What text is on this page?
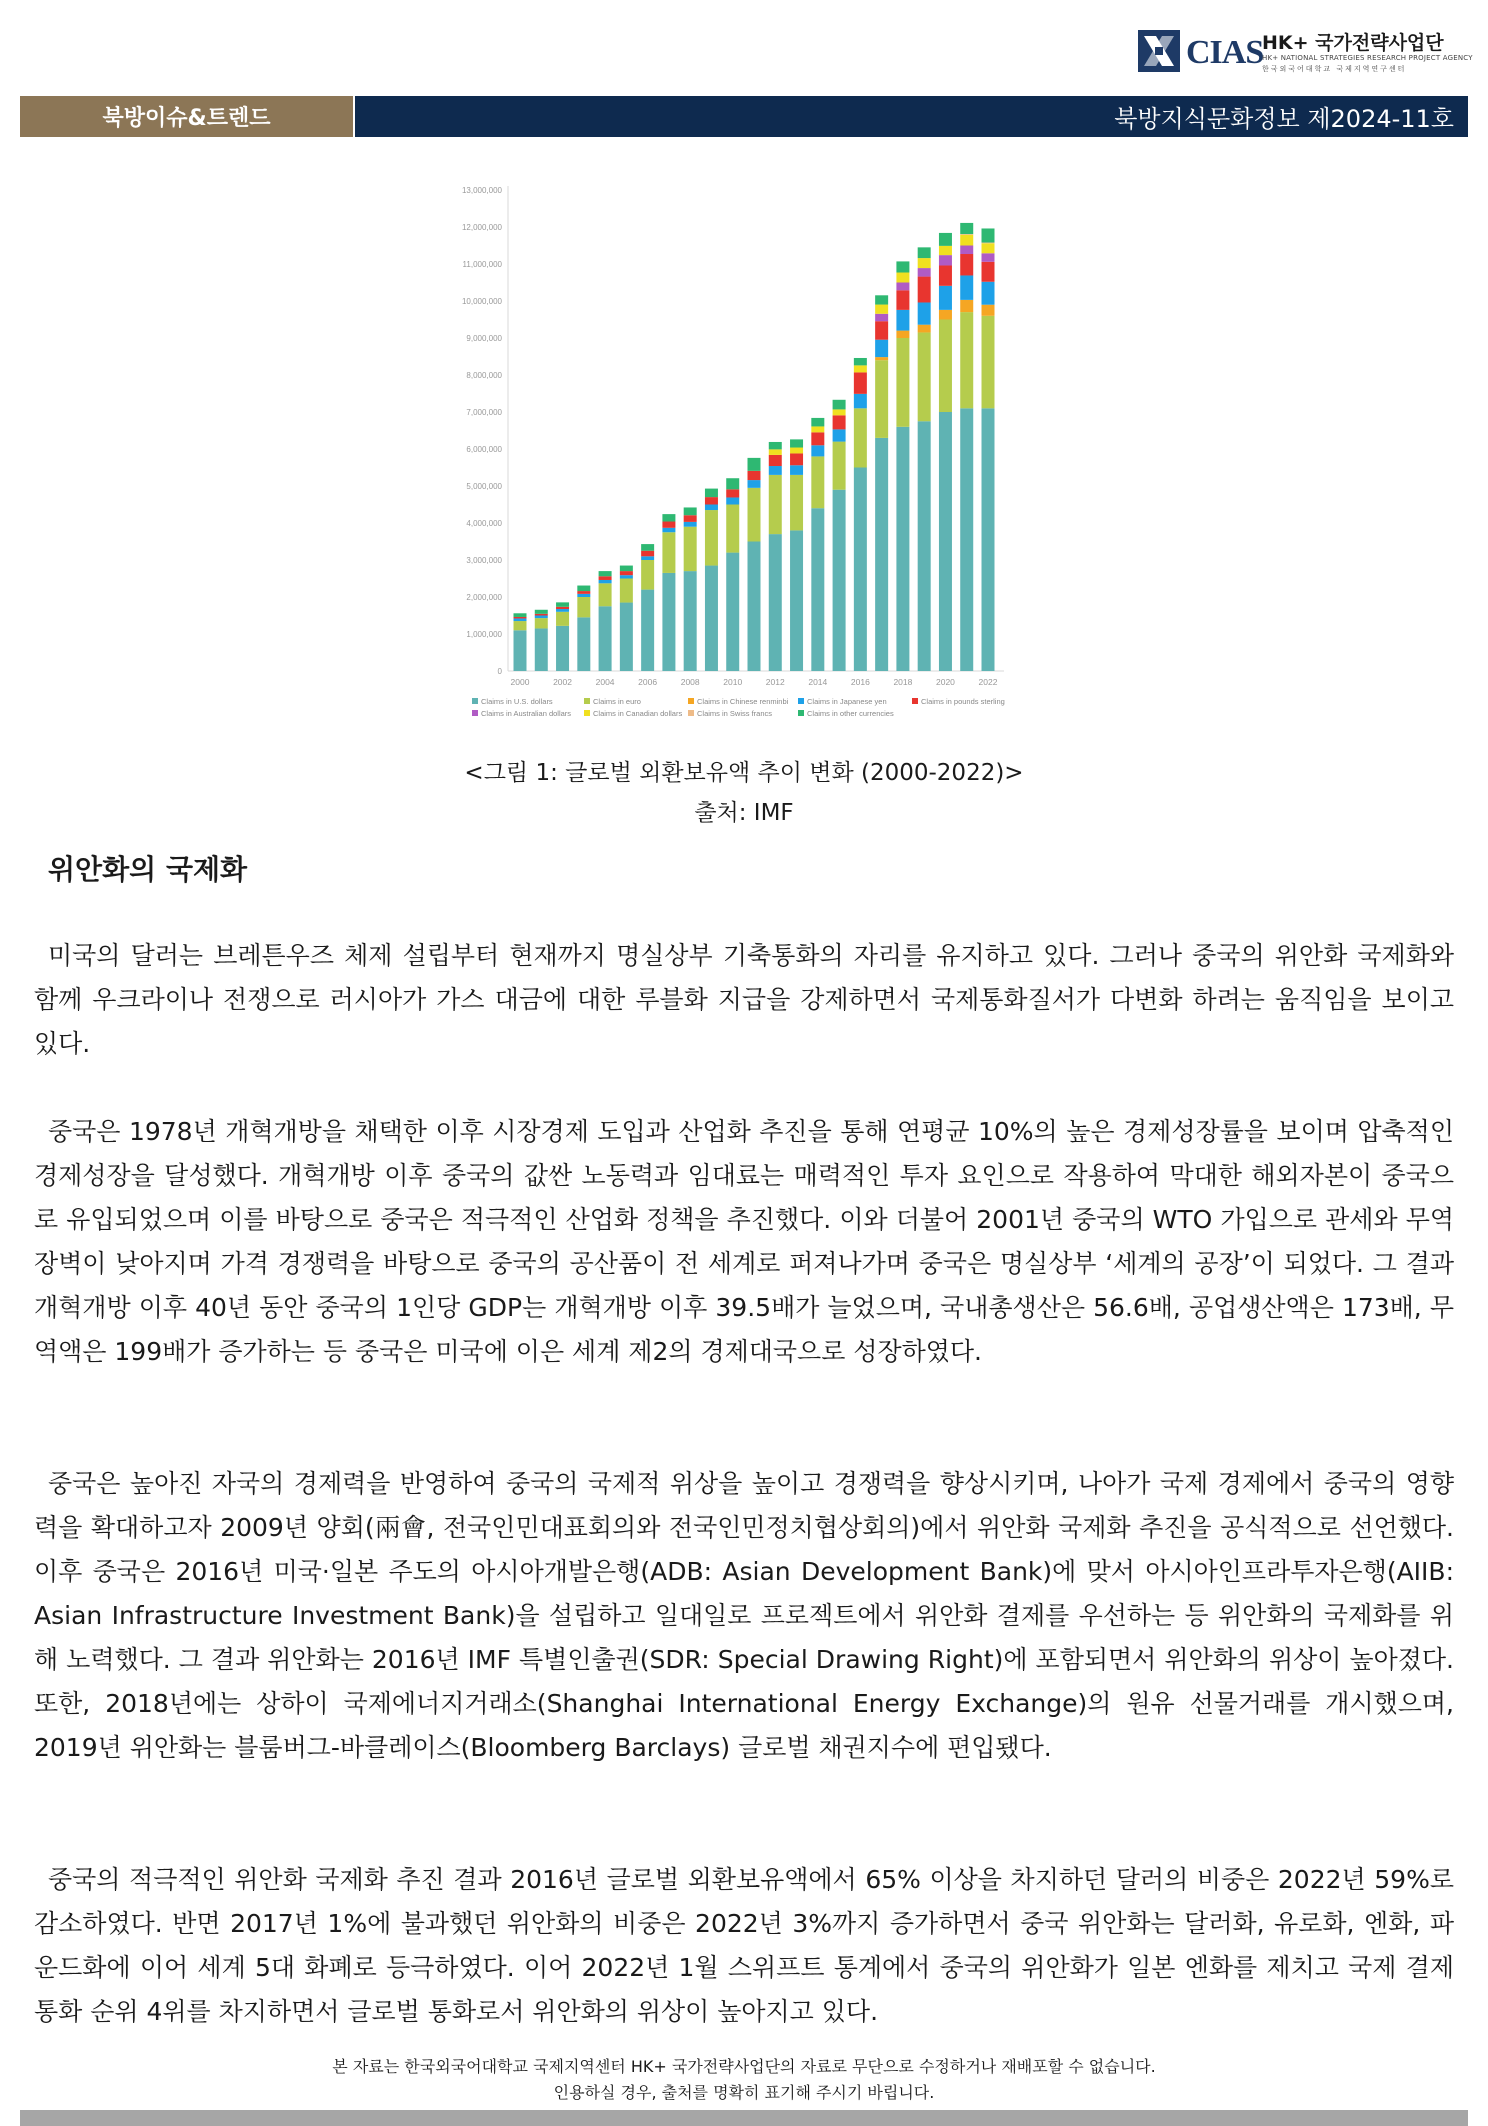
CIAS
HK+ 국가전략사업단
HK+ NATIONAL STRATEGIES RESEARCH PROJECT AGENCY
한국외국어대학교 국제지역연구센터
북방이슈&트렌드	북방지식문화정보 제2024-11호
0
1,000,000
2,000,000
3,000,000
4,000,000
5,000,000
6,000,000
7,000,000
8,000,000
9,000,000
10,000,000
11,000,000
12,000,000
13,000,000
2000	2002	2004	2006	2008	2010	2012	2014	2016	2018	2020	2022
Claims in U.S. dollars	Claims in euro	Claims in Chinese renminbi Claims in Japanese yen	Claims in pounds sterling
Claims in Australian dollars	Claims in Canadian dollars Claims in Swiss francs	Claims in other currencies
<그림 1: 글로벌 외환보유액 추이 변화 (2000-2022)>
출처: IMF
위안화의 국제화

미국의 달러는 브레튼우즈 체제 설립부터 현재까지 명실상부 기축통화의 자리를 유지하고 있다. 그러나 중국의 위안화 국제화와 함께 우크라이나 전쟁으로 러시아가 가스 대금에 대한 루블화 지급을 강제하면서 국제통화질서가 다변화 하려는 움직임을 보이고 있다.

중국은 1978년 개혁개방을 채택한 이후 시장경제 도입과 산업화 추진을 통해 연평균 10%의 높은 경제성장률을 보이며 압축적인 경제성장을 달성했다. 개혁개방 이후 중국의 값싼 노동력과 임대료는 매력적인 투자 요인으로 작용하여 막대한 해외자본이 중국으로 유입되었으며 이를 바탕으로 중국은 적극적인 산업화 정책을 추진했다. 이와 더불어 2001년 중국의 WTO 가입으로 관세와 무역장벽이 낮아지며 가격 경쟁력을 바탕으로 중국의 공산품이 전 세계로 퍼져나가며 중국은 명실상부 ‘세계의 공장’이 되었다. 그 결과 개혁개방 이후 40년 동안 중국의 1인당 GDP는 개혁개방 이후 39.5배가 늘었으며, 국내총생산은 56.6배, 공업생산액은 173배, 무역액은 199배가 증가하는 등 중국은 미국에 이은 세계 제2의 경제대국으로 성장하였다.

중국은 높아진 자국의 경제력을 반영하여 중국의 국제적 위상을 높이고 경쟁력을 향상시키며, 나아가 국제 경제에서 중국의 영향력을 확대하고자 2009년 양회(兩會, 전국인민대표회의와 전국인민정치협상회의)에서 위안화 국제화 추진을 공식적으로 선언했다. 이후 중국은 2016년 미국·일본 주도의 아시아개발은행(ADB: Asian Development Bank)에 맞서 아시아인프라투자은행(AIIB: Asian Infrastructure Investment Bank)을 설립하고 일대일로 프로젝트에서 위안화 결제를 우선하는 등 위안화의 국제화를 위해 노력했다. 그 결과 위안화는 2016년 IMF 특별인출권(SDR: Special Drawing Right)에 포함되면서 위안화의 위상이 높아졌다. 또한, 2018년에는 상하이 국제에너지거래소(Shanghai International Energy Exchange)의 원유 선물거래를 개시했으며, 2019년 위안화는 블룸버그-바클레이스(Bloomberg Barclays) 글로벌 채권지수에 편입됐다.

중국의 적극적인 위안화 국제화 추진 결과 2016년 글로벌 외환보유액에서 65% 이상을 차지하던 달러의 비중은 2022년 59%로 감소하였다. 반면 2017년 1%에 불과했던 위안화의 비중은 2022년 3%까지 증가하면서 중국 위안화는 달러화, 유로화, 엔화, 파운드화에 이어 세계 5대 화폐로 등극하였다. 이어 2022년 1월 스위프트 통계에서 중국의 위안화가 일본 엔화를 제치고 국제 결제 통화 순위 4위를 차지하면서 글로벌 통화로서 위안화의 위상이 높아지고 있다.

본 자료는 한국외국어대학교 국제지역센터 HK+ 국가전략사업단의 자료로 무단으로 수정하거나 재배포할 수 없습니다.
인용하실 경우, 출처를 명확히 표기해 주시기 바립니다.
